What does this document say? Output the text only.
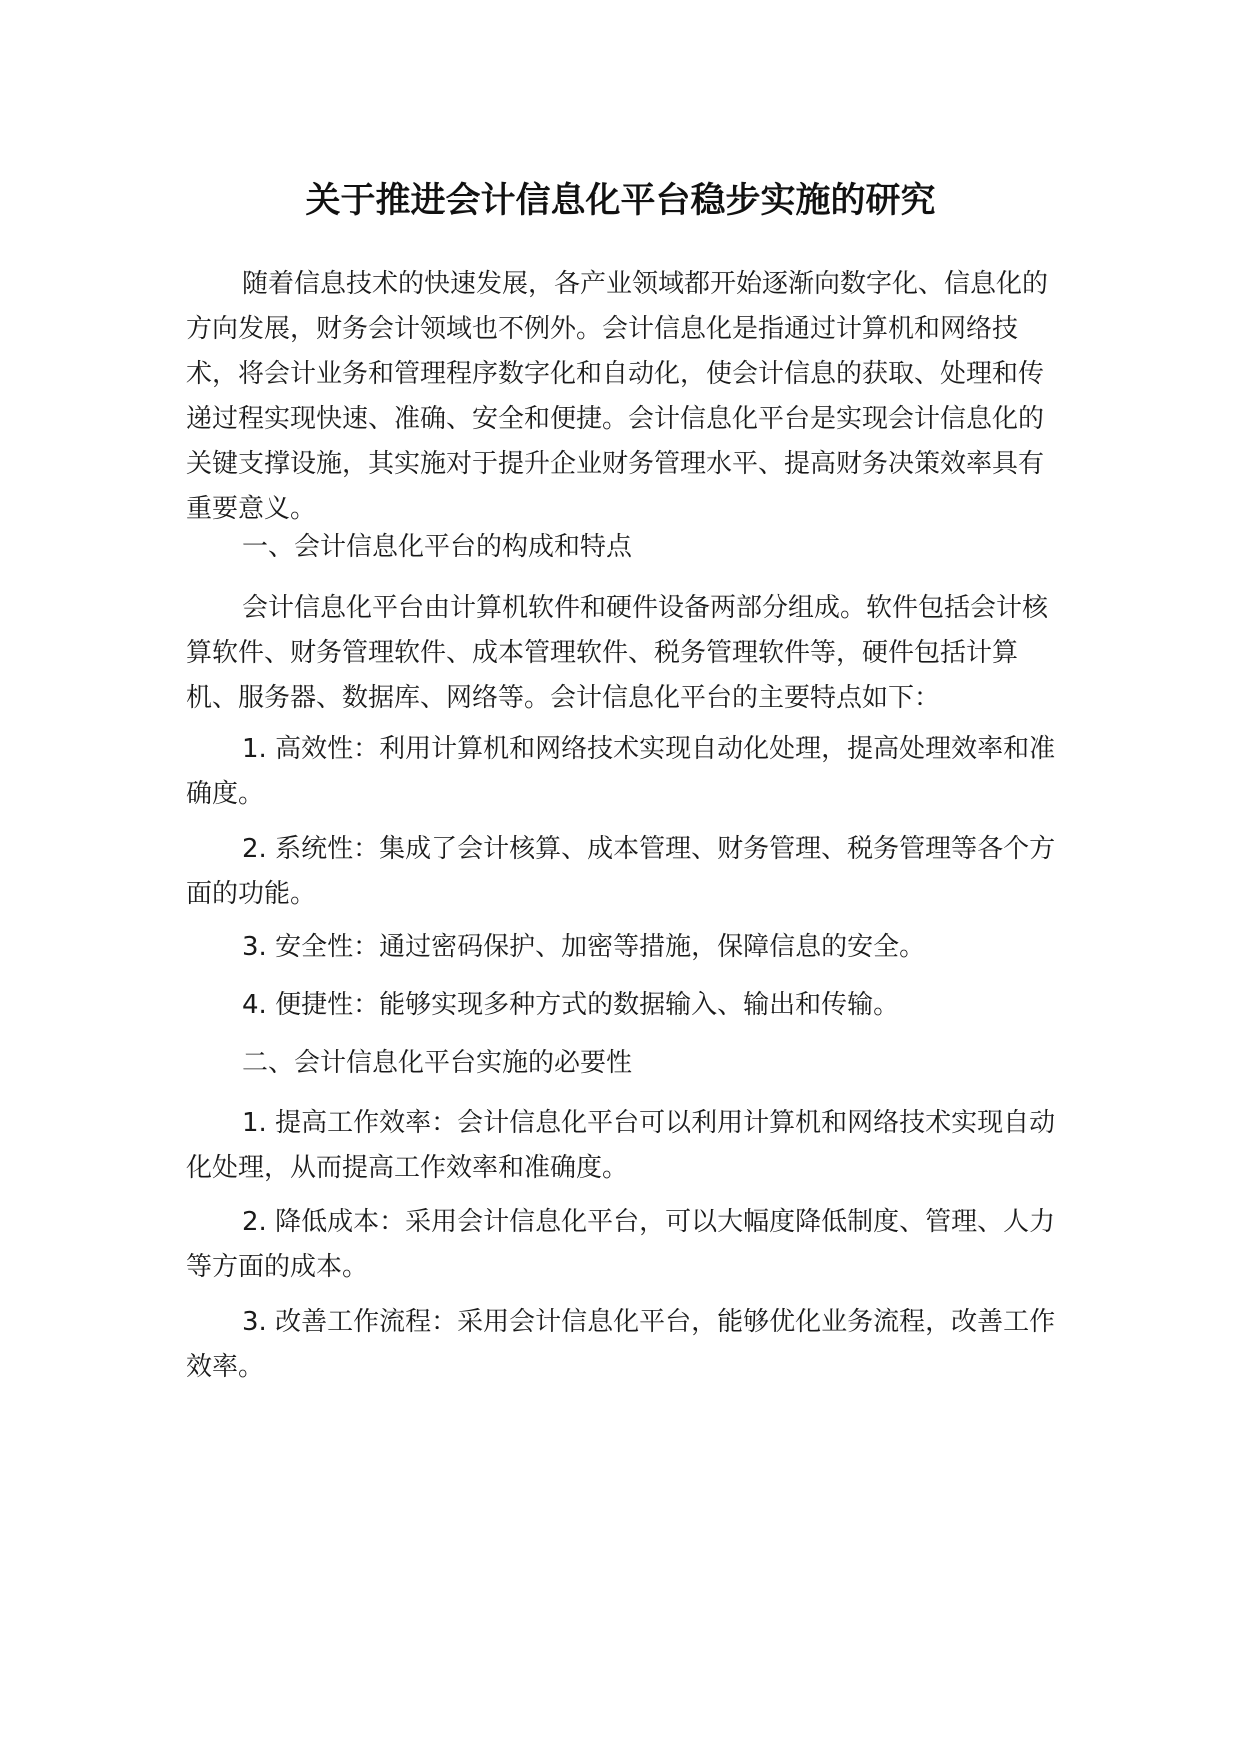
关于推进会计信息化平台稳步实施的研究

随着信息技术的快速发展，各产业领域都开始逐渐向数字化、信息化的方向发展，财务会计领域也不例外。会计信息化是指通过计算机和网络技术，将会计业务和管理程序数字化和自动化，使会计信息的获取、处理和传递过程实现快速、准确、安全和便捷。会计信息化平台是实现会计信息化的关键支撑设施，其实施对于提升企业财务管理水平、提高财务决策效率具有重要意义。

一、会计信息化平台的构成和特点

会计信息化平台由计算机软件和硬件设备两部分组成。软件包括会计核算软件、财务管理软件、成本管理软件、税务管理软件等，硬件包括计算机、服务器、数据库、网络等。会计信息化平台的主要特点如下：

1. 高效性：利用计算机和网络技术实现自动化处理，提高处理效率和准确度。

2. 系统性：集成了会计核算、成本管理、财务管理、税务管理等各个方面的功能。

3. 安全性：通过密码保护、加密等措施，保障信息的安全。

4. 便捷性：能够实现多种方式的数据输入、输出和传输。

二、会计信息化平台实施的必要性

1. 提高工作效率：会计信息化平台可以利用计算机和网络技术实现自动化处理，从而提高工作效率和准确度。

2. 降低成本：采用会计信息化平台，可以大幅度降低制度、管理、人力等方面的成本。

3. 改善工作流程：采用会计信息化平台，能够优化业务流程，改善工作效率。
